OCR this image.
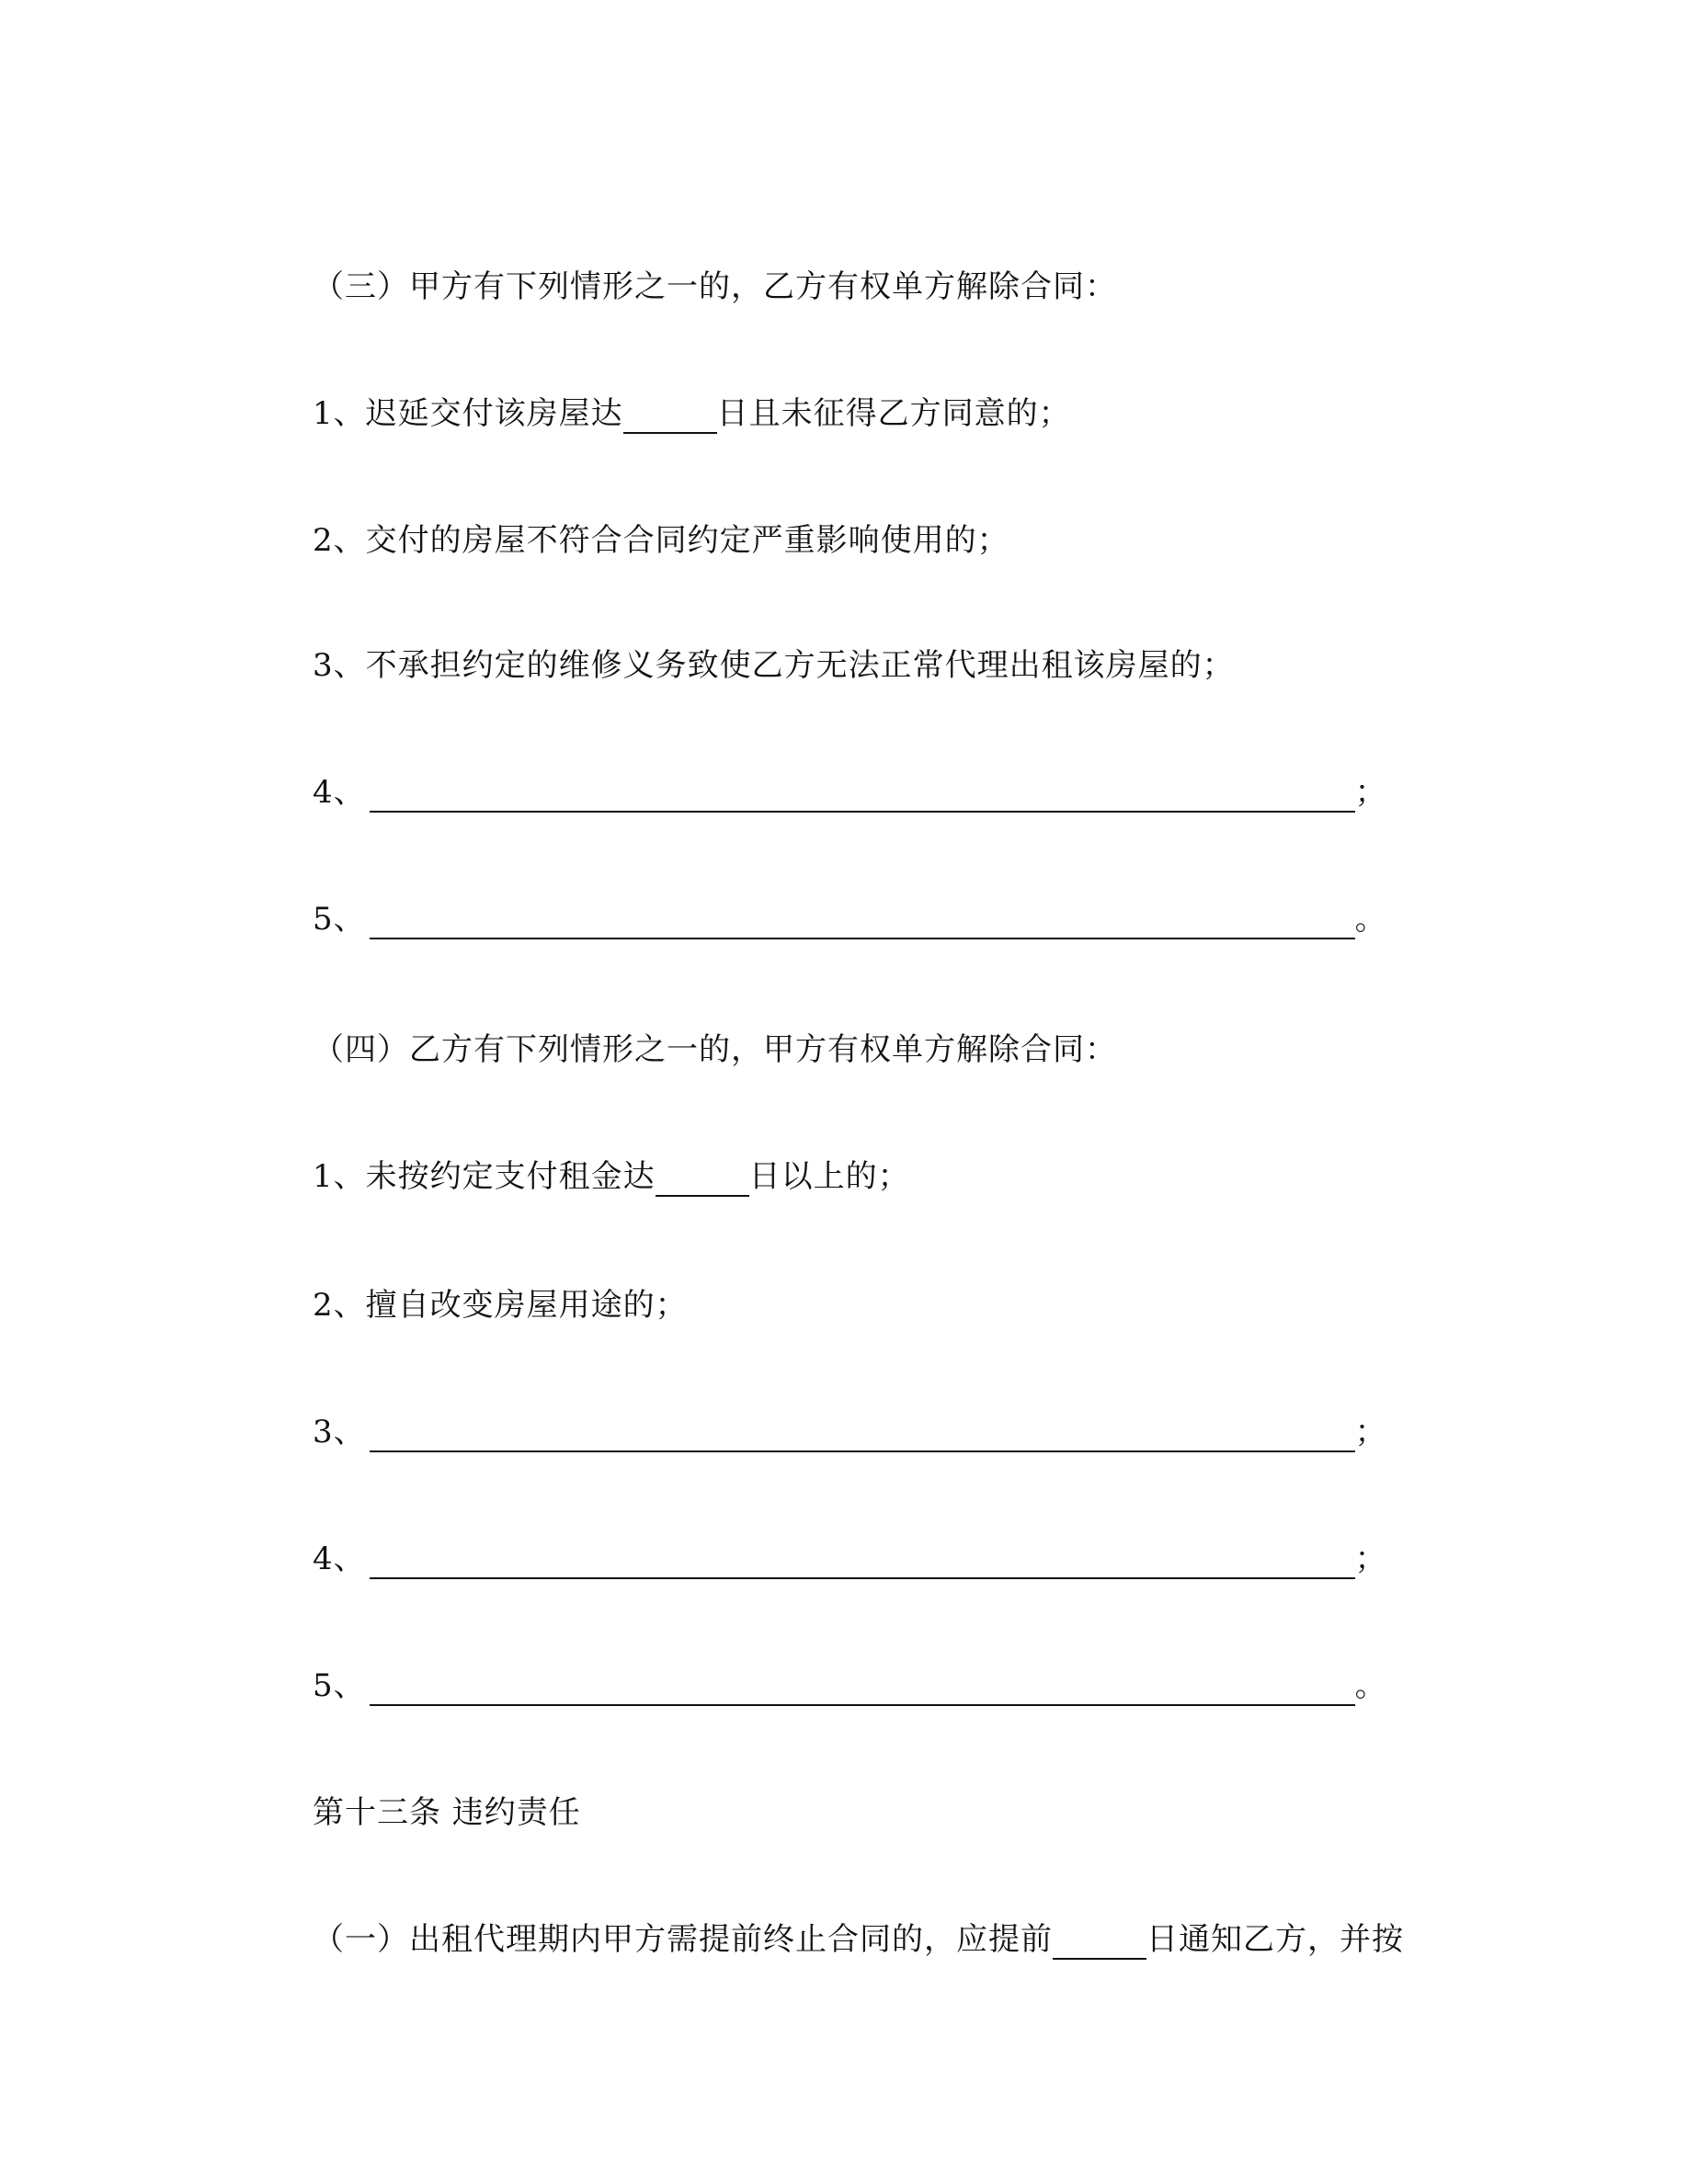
（三）甲方有下列情形之一的，乙方有权单方解除合同：
1、迟延交付该房屋达	日且未征得乙方同意的；
2、交付的房屋不符合合同约定严重影响使用的；
3、不承担约定的维修义务致使乙方无法正常代理出租该房屋的；
4、	；
5、	。
（四）乙方有下列情形之一的，甲方有权单方解除合同：
1、未按约定支付租金达	日以上的；
2、擅自改变房屋用途的；
3、	；
4、	；
5、	。
第十三条 违约责任
（一）出租代理期内甲方需提前终止合同的，应提前	日通知乙方，并按
